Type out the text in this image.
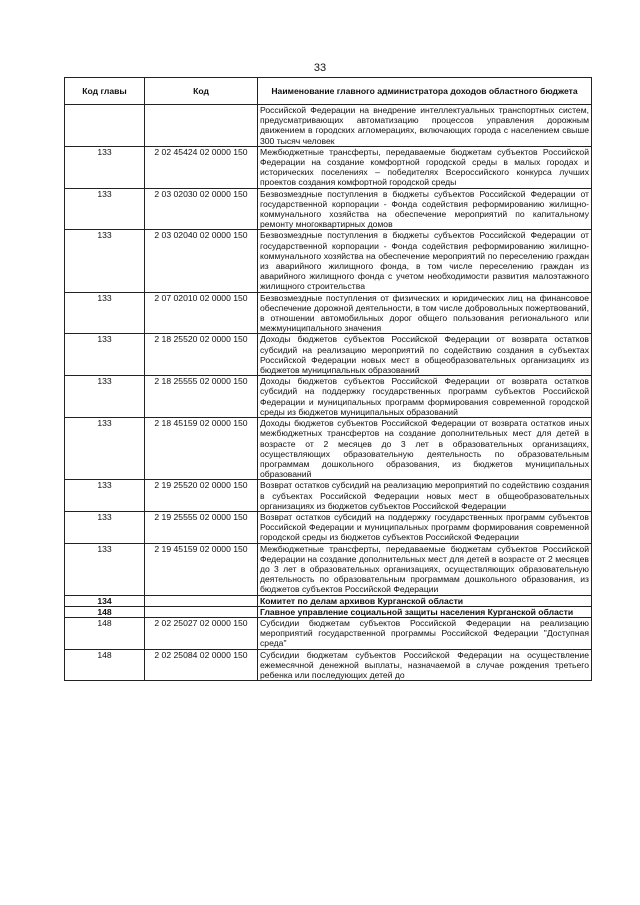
33
Код главы	Код	Наименование главного администратора доходов областного бюджета
		Российской Федерации на внедрение интеллектуальных транспортных систем, предусматривающих автоматизацию процессов управления дорожным движением в городских агломерациях, включающих города с населением свыше 300 тысяч человек
133	2 02 45424 02 0000 150	Межбюджетные трансферты, передаваемые бюджетам субъектов Российской Федерации на создание комфортной городской среды в малых городах и исторических поселениях – победителях Всероссийского конкурса лучших проектов создания комфортной городской среды
133	2 03 02030 02 0000 150	Безвозмездные поступления в бюджеты субъектов Российской Федерации от государственной корпорации - Фонда содействия реформированию жилищно-коммунального хозяйства на обеспечение мероприятий по капитальному ремонту многоквартирных домов
133	2 03 02040 02 0000 150	Безвозмездные поступления в бюджеты субъектов Российской Федерации от государственной корпорации - Фонда содействия реформированию жилищно-коммунального хозяйства на обеспечение мероприятий по переселению граждан из аварийного жилищного фонда, в том числе переселению граждан из аварийного жилищного фонда с учетом необходимости развития малоэтажного жилищного строительства
133	2 07 02010 02 0000 150	Безвозмездные поступления от физических и юридических лиц на финансовое обеспечение дорожной деятельности, в том числе добровольных пожертвований, в отношении автомобильных дорог общего пользования регионального или межмуниципального значения
133	2 18 25520 02 0000 150	Доходы бюджетов субъектов Российской Федерации от возврата остатков субсидий на реализацию мероприятий по содействию создания в субъектах Российской Федерации новых мест в общеобразовательных организациях из бюджетов муниципальных образований
133	2 18 25555 02 0000 150	Доходы бюджетов субъектов Российской Федерации от возврата остатков субсидий на поддержку государственных программ субъектов Российской Федерации и муниципальных программ формирования современной городской среды из бюджетов муниципальных образований
133	2 18 45159 02 0000 150	Доходы бюджетов субъектов Российской Федерации от возврата остатков иных межбюджетных трансфертов на создание дополнительных мест для детей в возрасте от 2 месяцев до 3 лет в образовательных организациях, осуществляющих образовательную деятельность по образовательным программам дошкольного образования, из бюджетов муниципальных образований
133	2 19 25520 02 0000 150	Возврат остатков субсидий на реализацию мероприятий по содействию создания в субъектах Российской Федерации новых мест в общеобразовательных организациях из бюджетов субъектов Российской Федерации
133	2 19 25555 02 0000 150	Возврат остатков субсидий на поддержку государственных программ субъектов Российской Федерации и муниципальных программ формирования современной городской среды из бюджетов субъектов Российской Федерации
133	2 19 45159 02 0000 150	Межбюджетные трансферты, передаваемые бюджетам субъектов Российской Федерации на создание дополнительных мест для детей в возрасте от 2 месяцев до 3 лет в образовательных организациях, осуществляющих образовательную деятельность по образовательным программам дошкольного образования, из бюджетов субъектов Российской Федерации
134		Комитет по делам архивов Курганской области
148		Главное управление социальной защиты населения Курганской области
148	2 02 25027 02 0000 150	Субсидии бюджетам субъектов Российской Федерации на реализацию мероприятий государственной программы Российской Федерации "Доступная среда"
148	2 02 25084 02 0000 150	Субсидии бюджетам субъектов Российской Федерации на осуществление ежемесячной денежной выплаты, назначаемой в случае рождения третьего ребенка или последующих детей до
